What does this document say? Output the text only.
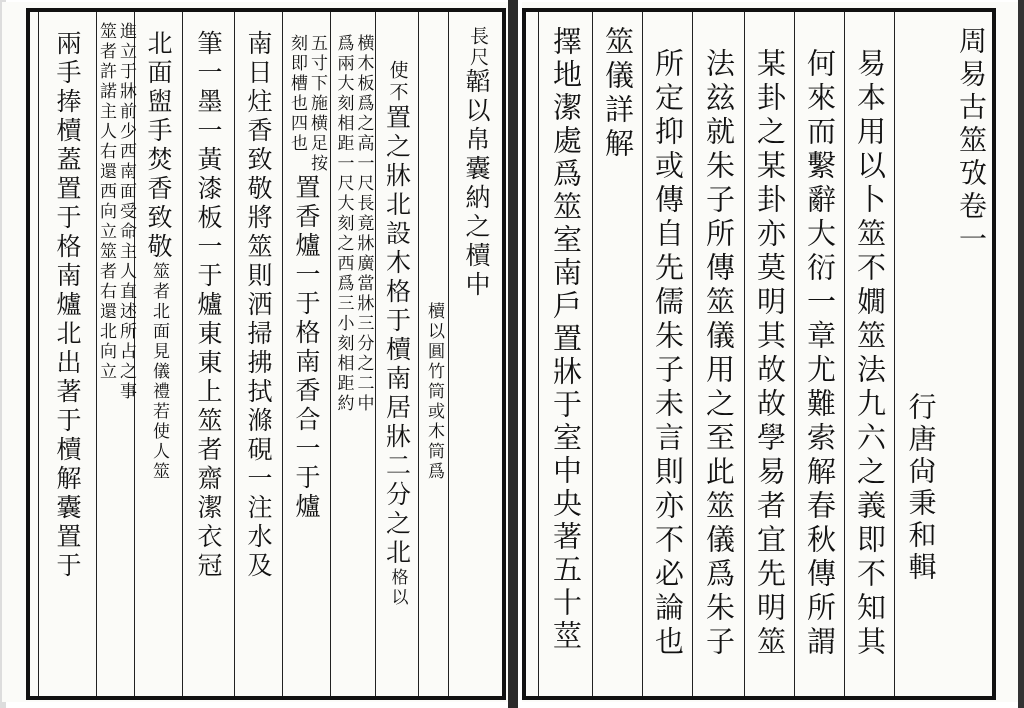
長尺
韜以帛囊納之櫝中
櫝以圓竹筒或木筒爲
使不
置之牀北設木格于櫝南居牀二分之北
格以
横木板爲之高一尺長竟牀廣當牀三分之二中
爲兩大刻相距一尺大刻之西爲三小刻相距約
五寸下施横足按
刻即槽也四也
置香爐一于格南香合一于爐
南日炷香致敬將筮則洒掃拂拭滌硯一注水及
筆一墨一黃漆板一于爐東東上筮者齋潔衣冠
北面盥手焚香致敬
筮者北面見儀禮若使人筮
進立于牀前少西南面受命主人直述所占之事
筮者許諾主人右還西向立筮者右還北向立
兩手捧櫝蓋置于格南爐北出著于櫝解囊置于	周易古筮攷卷一
行唐尙秉和輯
易本用以卜筮不嫺筮法九六之義即不知其
何來而繫辭大衍一章尤難索解春秋傳所謂
某卦之某卦亦莫明其故故學易者宜先明筮
法玆就朱子所傳筮儀用之至此筮儀爲朱子
所定抑或傳自先儒朱子未言則亦不必論也
筮儀詳解
擇地潔處爲筮室南戶置牀于室中央著五十莖
